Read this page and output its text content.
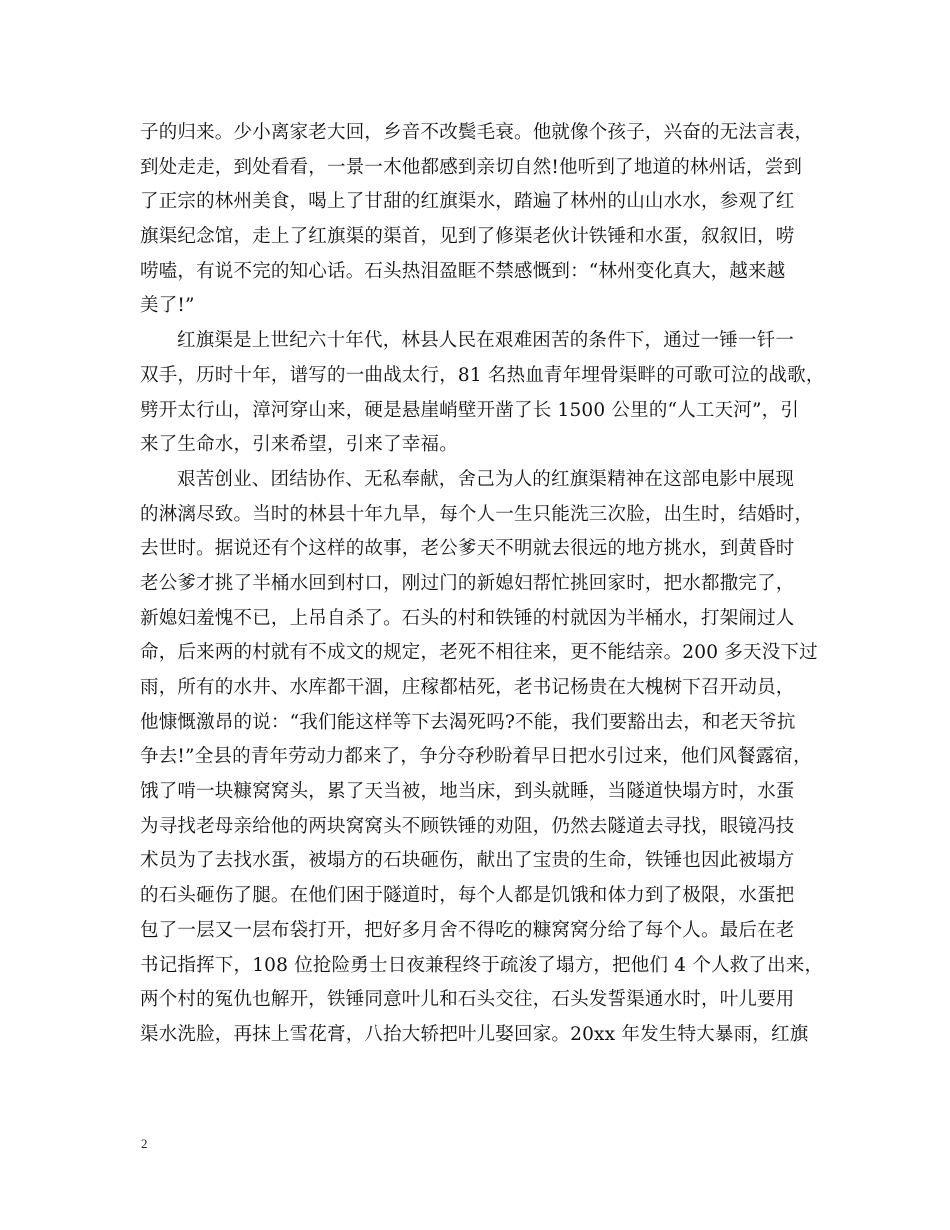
子的归来。少小离家老大回，乡音不改鬓毛衰。他就像个孩子，兴奋的无法言表，
到处走走，到处看看，一景一木他都感到亲切自然!他听到了地道的林州话，尝到
了正宗的林州美食，喝上了甘甜的红旗渠水，踏遍了林州的山山水水，参观了红
旗渠纪念馆，走上了红旗渠的渠首，见到了修渠老伙计铁锤和水蛋，叙叙旧，唠
唠嗑，有说不完的知心话。石头热泪盈眶不禁感慨到：“林州变化真大，越来越
美了!”
红旗渠是上世纪六十年代，林县人民在艰难困苦的条件下，通过一锤一钎一
双手，历时十年，谱写的一曲战太行，81 名热血青年埋骨渠畔的可歌可泣的战歌，
劈开太行山，漳河穿山来，硬是悬崖峭壁开凿了长 1500 公里的“人工天河”，引
来了生命水，引来希望，引来了幸福。
艰苦创业、团结协作、无私奉献，舍己为人的红旗渠精神在这部电影中展现
的淋漓尽致。当时的林县十年九旱，每个人一生只能洗三次脸，出生时，结婚时，
去世时。据说还有个这样的故事，老公爹天不明就去很远的地方挑水，到黄昏时
老公爹才挑了半桶水回到村口，刚过门的新媳妇帮忙挑回家时，把水都撒完了，
新媳妇羞愧不已，上吊自杀了。石头的村和铁锤的村就因为半桶水，打架闹过人
命，后来两的村就有不成文的规定，老死不相往来，更不能结亲。200 多天没下过
雨，所有的水井、水库都干涸，庄稼都枯死，老书记杨贵在大槐树下召开动员，
他慷慨激昂的说：“我们能这样等下去渴死吗?不能，我们要豁出去，和老天爷抗
争去!”全县的青年劳动力都来了，争分夺秒盼着早日把水引过来，他们风餐露宿，
饿了啃一块糠窝窝头，累了天当被，地当床，到头就睡，当隧道快塌方时，水蛋
为寻找老母亲给他的两块窝窝头不顾铁锤的劝阻，仍然去隧道去寻找，眼镜冯技
术员为了去找水蛋，被塌方的石块砸伤，献出了宝贵的生命，铁锤也因此被塌方
的石头砸伤了腿。在他们困于隧道时，每个人都是饥饿和体力到了极限，水蛋把
包了一层又一层布袋打开，把好多月舍不得吃的糠窝窝分给了每个人。最后在老
书记指挥下，108 位抢险勇士日夜兼程终于疏浚了塌方，把他们 4 个人救了出来，
两个村的冤仇也解开，铁锤同意叶儿和石头交往，石头发誓渠通水时，叶儿要用
渠水洗脸，再抹上雪花膏，八抬大轿把叶儿娶回家。20xx 年发生特大暴雨，红旗
2
